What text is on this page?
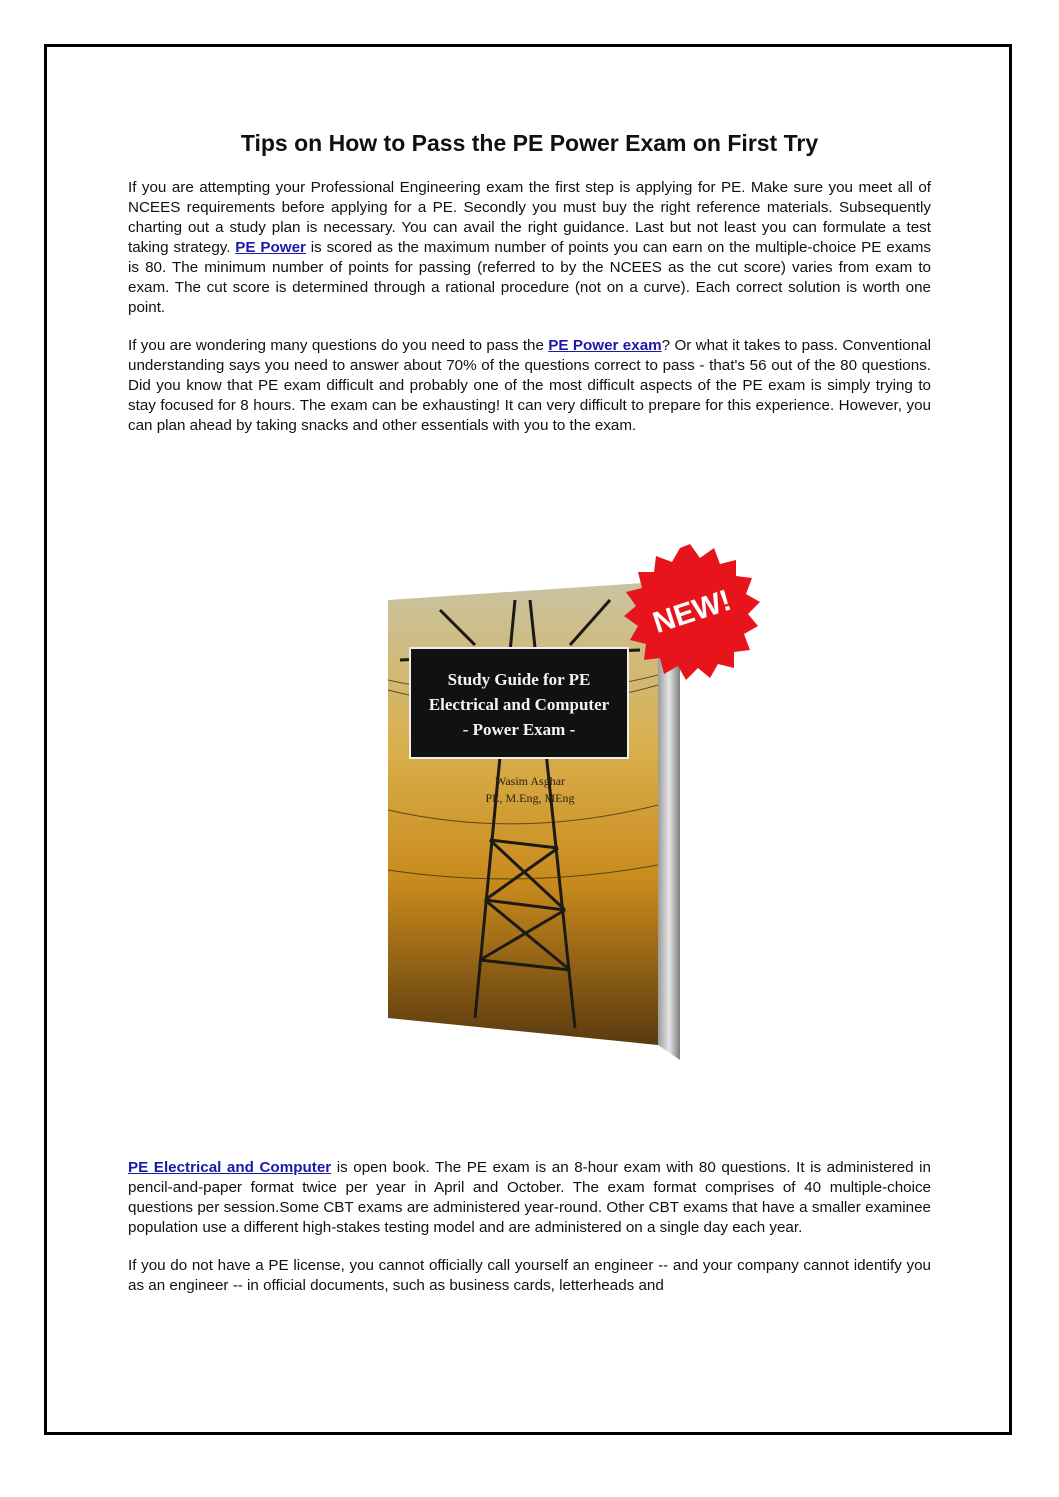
Tips on How to Pass the PE Power Exam on First Try

If you are attempting your Professional Engineering exam the first step is applying for PE. Make sure you meet all of NCEES requirements before applying for a PE. Secondly you must buy the right reference materials. Subsequently charting out a study plan is necessary. You can avail the right guidance. Last but not least you can formulate a test taking strategy. PE Power is scored as the maximum number of points you can earn on the multiple-choice PE exams is 80. The minimum number of points for passing (referred to by the NCEES as the cut score) varies from exam to exam. The cut score is determined through a rational procedure (not on a curve). Each correct solution is worth one point.

If you are wondering many questions do you need to pass the PE Power exam? Or what it takes to pass. Conventional understanding says you need to answer about 70% of the questions correct to pass - that's 56 out of the 80 questions. Did you know that PE exam difficult and probably one of the most difficult aspects of the PE exam is simply trying to stay focused for 8 hours. The exam can be exhausting! It can very difficult to prepare for this experience. However, you can plan ahead by taking snacks and other essentials with you to the exam.

Study Guide for PE
Electrical and Computer
- Power Exam -
Wasim Asghar
PE, M.Eng, MEng
NEW!

PE Electrical and Computer is open book. The PE exam is an 8-hour exam with 80 questions. It is administered in pencil-and-paper format twice per year in April and October. The exam format comprises of 40 multiple-choice questions per session.Some CBT exams are administered year-round. Other CBT exams that have a smaller examinee population use a different high-stakes testing model and are administered on a single day each year.

If you do not have a PE license, you cannot officially call yourself an engineer -- and your company cannot identify you as an engineer -- in official documents, such as business cards, letterheads and
